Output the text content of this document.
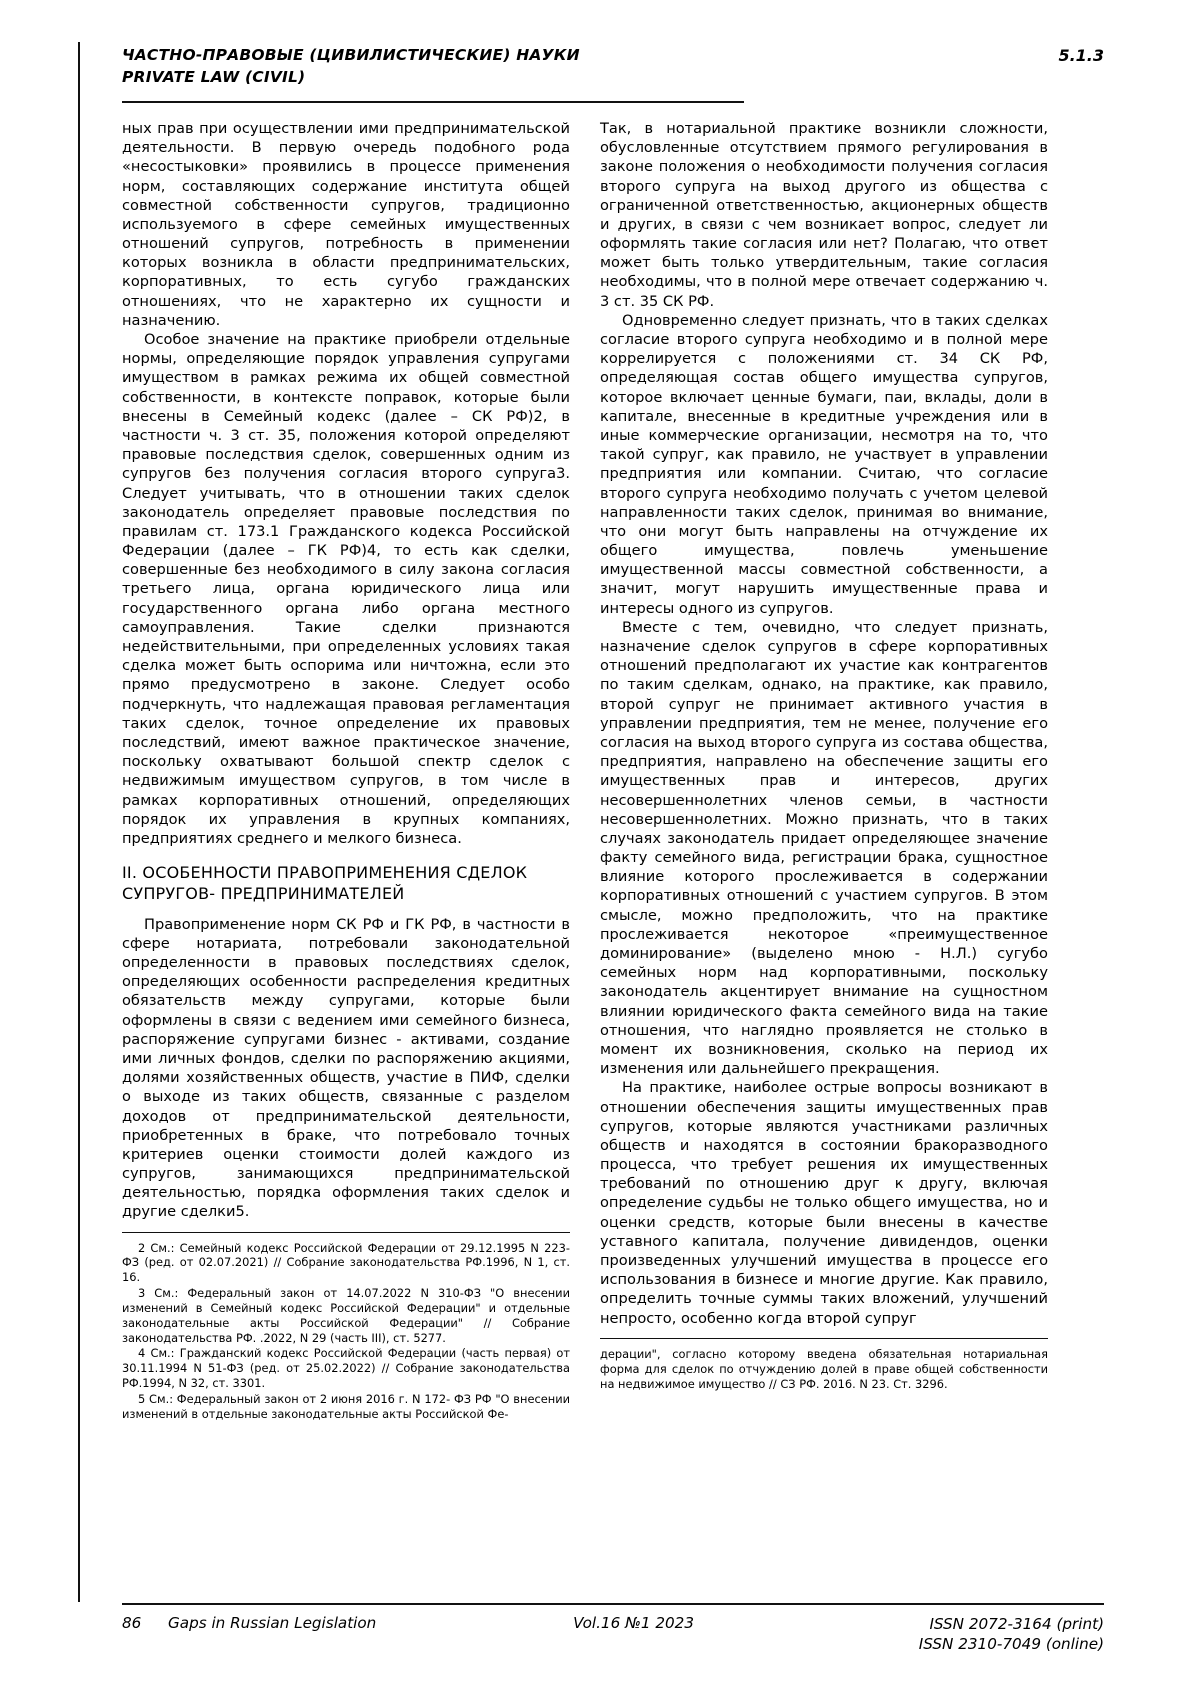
ЧАСТНО-ПРАВОВЫЕ (ЦИВИЛИСТИЧЕСКИЕ) НАУКИ
PRIVATE LAW (CIVIL)
5.1.3

ных прав при осуществлении ими предпринимательской деятельности. В первую очередь подобного рода «несостыковки» проявились в процессе применения норм, составляющих содержание института общей совместной собственности супругов, традиционно используемого в сфере семейных имущественных отношений супругов, потребность в применении которых возникла в области предпринимательских, корпоративных, то есть сугубо гражданских отношениях, что не характерно их сущности и назначению.

Особое значение на практике приобрели отдельные нормы, определяющие порядок управления супругами имуществом в рамках режима их общей совместной собственности, в контексте поправок, которые были внесены в Семейный кодекс (далее – СК РФ)2, в частности ч. 3 ст. 35, положения которой определяют правовые последствия сделок, совершенных одним из супругов без получения согласия второго супруга3. Следует учитывать, что в отношении таких сделок законодатель определяет правовые последствия по правилам ст. 173.1 Гражданского кодекса Российской Федерации (далее – ГК РФ)4, то есть как сделки, совершенные без необходимого в силу закона согласия третьего лица, органа юридического лица или государственного органа либо органа местного самоуправления. Такие сделки признаются недействительными, при определенных условиях такая сделка может быть оспорима или ничтожна, если это прямо предусмотрено в законе. Следует особо подчеркнуть, что надлежащая правовая регламентация таких сделок, точное определение их правовых последствий, имеют важное практическое значение, поскольку охватывают большой спектр сделок с недвижимым имуществом супругов, в том числе в рамках корпоративных отношений, определяющих порядок их управления в крупных компаниях, предприятиях среднего и мелкого бизнеса.

II. ОСОБЕННОСТИ ПРАВОПРИМЕНЕНИЯ СДЕЛОК СУПРУГОВ- ПРЕДПРИНИМАТЕЛЕЙ

Правоприменение норм СК РФ и ГК РФ, в частности в сфере нотариата, потребовали законодательной определенности в правовых последствиях сделок, определяющих особенности распределения кредитных обязательств между супругами, которые были оформлены в связи с ведением ими семейного бизнеса, распоряжение супругами бизнес - активами, создание ими личных фондов, сделки по распоряжению акциями, долями хозяйственных обществ, участие в ПИФ, сделки о выходе из таких обществ, связанные с разделом доходов от предпринимательской деятельности, приобретенных в браке, что потребовало точных критериев оценки стоимости долей каждого из супругов, занимающихся предпринимательской деятельностью, порядка оформления таких сделок и другие сделки5.

2 См.: Семейный кодекс Российской Федерации от 29.12.1995 N 223-ФЗ (ред. от 02.07.2021) // Собрание законодательства РФ.1996, N 1, ст. 16.

3 См.: Федеральный закон от 14.07.2022 N 310-ФЗ "О внесении изменений в Семейный кодекс Российской Федерации" и отдельные законодательные акты Российской Федерации" // Собрание законодательства РФ. .2022, N 29 (часть III), ст. 5277.

4 См.: Гражданский кодекс Российской Федерации (часть первая) от 30.11.1994 N 51-ФЗ (ред. от 25.02.2022) // Собрание законодательства РФ.1994, N 32, ст. 3301.

5 См.: Федеральный закон от 2 июня 2016 г. N 172- ФЗ РФ "О внесении изменений в отдельные законодательные акты Российской Фе-

Так, в нотариальной практике возникли сложности, обусловленные отсутствием прямого регулирования в законе положения о необходимости получения согласия второго супруга на выход другого из общества с ограниченной ответственностью, акционерных обществ и других, в связи с чем возникает вопрос, следует ли оформлять такие согласия или нет? Полагаю, что ответ может быть только утвердительным, такие согласия необходимы, что в полной мере отвечает содержанию ч. 3 ст. 35 СК РФ.

Одновременно следует признать, что в таких сделках согласие второго супруга необходимо и в полной мере коррелируется с положениями ст. 34 СК РФ, определяющая состав общего имущества супругов, которое включает ценные бумаги, паи, вклады, доли в капитале, внесенные в кредитные учреждения или в иные коммерческие организации, несмотря на то, что такой супруг, как правило, не участвует в управлении предприятия или компании. Считаю, что согласие второго супруга необходимо получать с учетом целевой направленности таких сделок, принимая во внимание, что они могут быть направлены на отчуждение их общего имущества, повлечь уменьшение имущественной массы совместной собственности, а значит, могут нарушить имущественные права и интересы одного из супругов.

Вместе с тем, очевидно, что следует признать, назначение сделок супругов в сфере корпоративных отношений предполагают их участие как контрагентов по таким сделкам, однако, на практике, как правило, второй супруг не принимает активного участия в управлении предприятия, тем не менее, получение его согласия на выход второго супруга из состава общества, предприятия, направлено на обеспечение защиты его имущественных прав и интересов, других несовершеннолетних членов семьи, в частности несовершеннолетних. Можно признать, что в таких случаях законодатель придает определяющее значение факту семейного вида, регистрации брака, сущностное влияние которого прослеживается в содержании корпоративных отношений с участием супругов. В этом смысле, можно предположить, что на практике прослеживается некоторое «преимущественное доминирование» (выделено мною - Н.Л.) сугубо семейных норм над корпоративными, поскольку законодатель акцентирует внимание на сущностном влиянии юридического факта семейного вида на такие отношения, что наглядно проявляется не столько в момент их возникновения, сколько на период их изменения или дальнейшего прекращения.

На практике, наиболее острые вопросы возникают в отношении обеспечения защиты имущественных прав супругов, которые являются участниками различных обществ и находятся в состоянии бракоразводного процесса, что требует решения их имущественных требований по отношению друг к другу, включая определение судьбы не только общего имущества, но и оценки средств, которые были внесены в качестве уставного капитала, получение дивидендов, оценки произведенных улучшений имущества в процессе его использования в бизнесе и многие другие. Как правило, определить точные суммы таких вложений, улучшений непросто, особенно когда второй супруг

дерации", согласно которому введена обязательная нотариальная форма для сделок по отчуждению долей в праве общей собственности на недвижимое имущество // СЗ РФ. 2016. N 23. Ст. 3296.
86	Gaps in Russian Legislation	Vol.16 №1 2023	ISSN 2072-3164 (print)
ISSN 2310-7049 (online)
